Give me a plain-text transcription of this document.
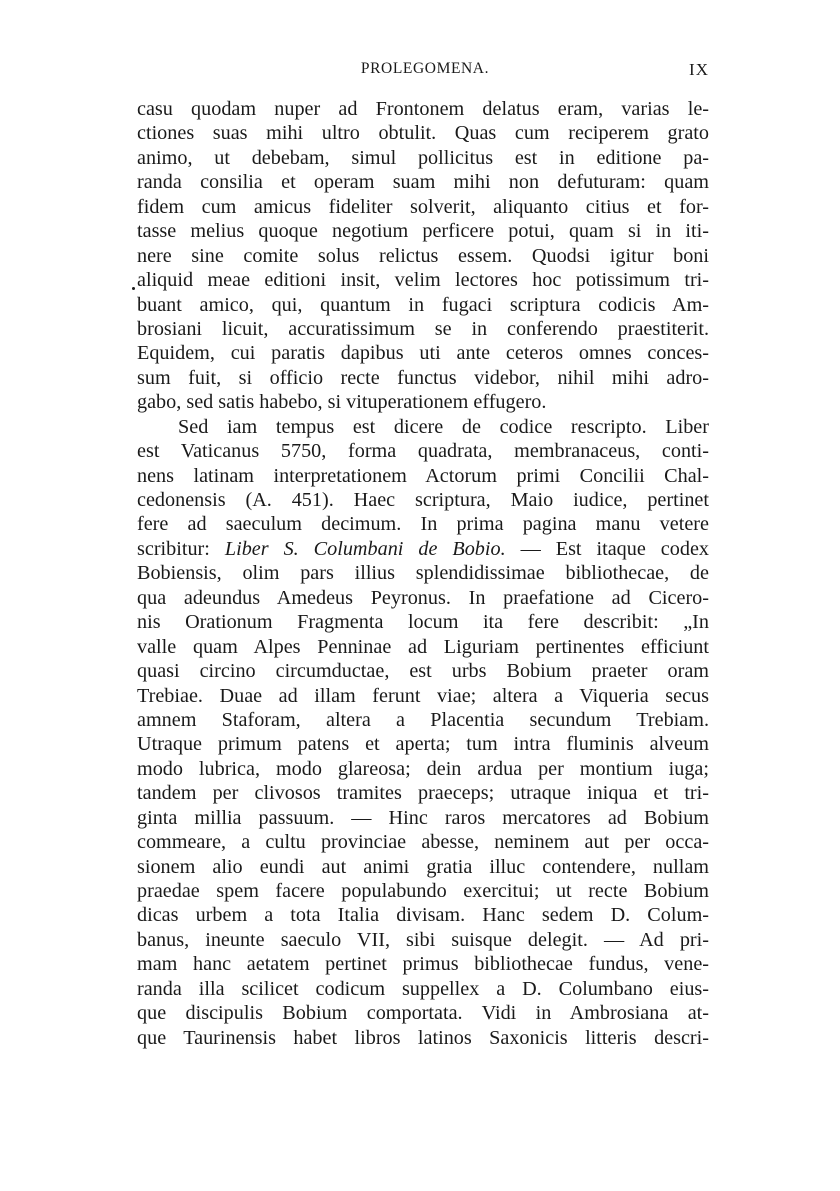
PROLEGOMENA.	IX
casu quodam nuper ad Frontonem delatus eram, varias le-
ctiones suas mihi ultro obtulit. Quas cum reciperem grato
animo, ut debebam, simul pollicitus est in editione pa-
randa consilia et operam suam mihi non defuturam: quam
fidem cum amicus fideliter solverit, aliquanto citius et for-
tasse melius quoque negotium perficere potui, quam si in iti-
nere sine comite solus relictus essem. Quodsi igitur boni
aliquid meae editioni insit, velim lectores hoc potissimum tri-
buant amico, qui, quantum in fugaci scriptura codicis Am-
brosiani licuit, accuratissimum se in conferendo praestiterit.
Equidem, cui paratis dapibus uti ante ceteros omnes conces-
sum fuit, si officio recte functus videbor, nihil mihi adro-
gabo, sed satis habebo, si vituperationem effugero.
Sed iam tempus est dicere de codice rescripto. Liber
est Vaticanus 5750, forma quadrata, membranaceus, conti-
nens latinam interpretationem Actorum primi Concilii Chal-
cedonensis (A. 451). Haec scriptura, Maio iudice, pertinet
fere ad saeculum decimum. In prima pagina manu vetere
scribitur: Liber S. Columbani de Bobio. — Est itaque codex
Bobiensis, olim pars illius splendidissimae bibliothecae, de
qua adeundus Amedeus Peyronus. In praefatione ad Cicero-
nis Orationum Fragmenta locum ita fere describit: „In
valle quam Alpes Penninae ad Liguriam pertinentes efficiunt
quasi circino circumductae, est urbs Bobium praeter oram
Trebiae. Duae ad illam ferunt viae; altera a Viqueria secus
amnem Staforam, altera a Placentia secundum Trebiam.
Utraque primum patens et aperta; tum intra fluminis alveum
modo lubrica, modo glareosa; dein ardua per montium iuga;
tandem per clivosos tramites praeceps; utraque iniqua et tri-
ginta millia passuum. — Hinc raros mercatores ad Bobium
commeare, a cultu provinciae abesse, neminem aut per occa-
sionem alio eundi aut animi gratia illuc contendere, nullam
praedae spem facere populabundo exercitui; ut recte Bobium
dicas urbem a tota Italia divisam. Hanc sedem D. Colum-
banus, ineunte saeculo VII, sibi suisque delegit. — Ad pri-
mam hanc aetatem pertinet primus bibliothecae fundus, vene-
randa illa scilicet codicum suppellex a D. Columbano eius-
que discipulis Bobium comportata. Vidi in Ambrosiana at-
que Taurinensis habet libros latinos Saxonicis litteris descri-
